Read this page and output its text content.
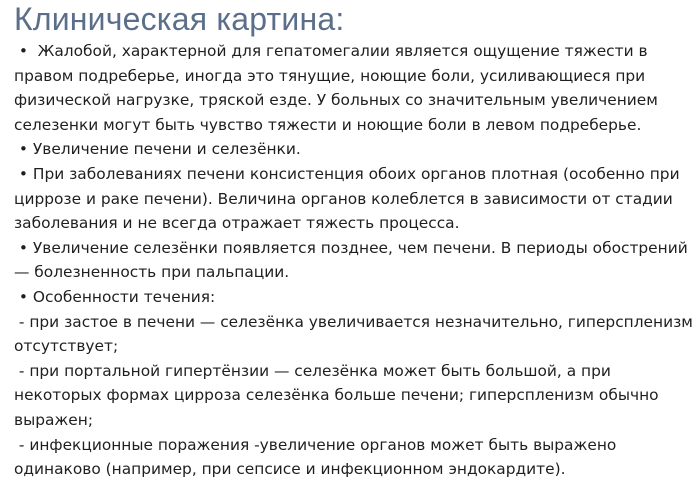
Клиническая картина:

•  Жалобой, характерной для гепатомегалии является ощущение тяжести в правом подреберье, иногда это тянущие, ноющие боли, усиливающиеся при физической нагрузке, тряской езде. У больных со значительным увеличением селезенки могут быть чувство тяжести и ноющие боли в левом подреберье.

• Увеличение печени и селезёнки.

• При заболеваниях печени консистенция обоих органов плотная (особенно при циррозе и раке печени). Величина органов колеблется в зависимости от стадии заболевания и не всегда отражает тяжесть процесса.

• Увеличение селезёнки появляется позднее, чем печени. В периоды обострений — болезненность при пальпации.

• Особенности течения:

- при застое в печени — селезёнка увеличивается незначительно, гиперспленизм отсутствует;

- при портальной гипертёнзии — селезёнка может быть большой, а при некоторых формах цирроза селезёнка больше печени; гиперспленизм обычно выражен;

- инфекционные поражения -увеличение органов может быть выражено одинаково (например, при сепсисе и инфекционном эндокардите).
